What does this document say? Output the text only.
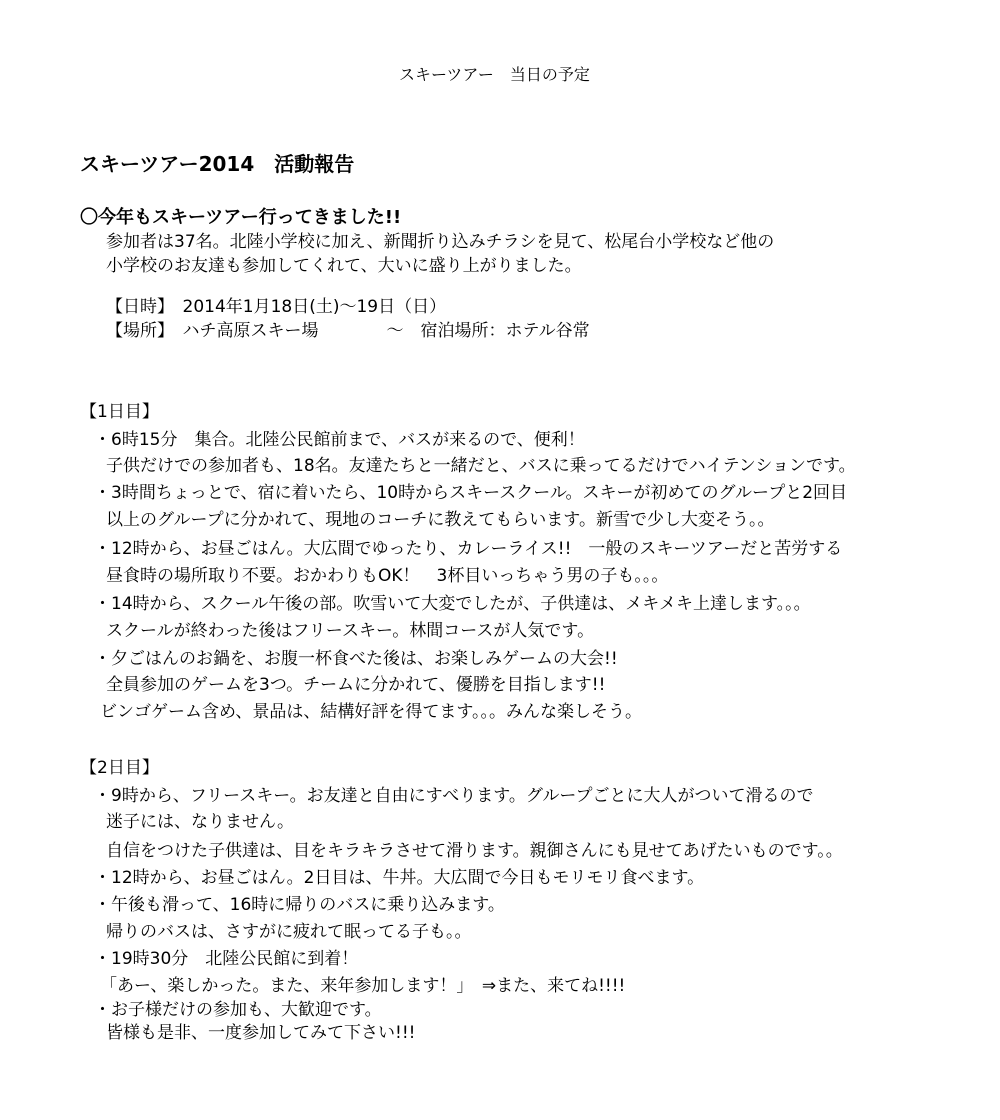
スキーツアー　当日の予定
スキーツアー2014　活動報告
〇今年もスキーツアー行ってきました!!
参加者は37名。北陸小学校に加え、新聞折り込みチラシを見て、松尾台小学校など他の
小学校のお友達も参加してくれて、大いに盛り上がりました。
【日時】　2014年1月18日(土)～19日（日）
【場所】　ハチ高原スキー場　　　　～　宿泊場所：ホテル谷常
【1日目】
・6時15分　集合。北陸公民館前まで、バスが来るので、便利！
子供だけでの参加者も、18名。友達たちと一緒だと、バスに乗ってるだけでハイテンションです。
・3時間ちょっとで、宿に着いたら、10時からスキースクール。スキーが初めてのグループと2回目
以上のグループに分かれて、現地のコーチに教えてもらいます。新雪で少し大変そう。。
・12時から、お昼ごはん。大広間でゆったり、カレーライス!!　一般のスキーツアーだと苦労する
昼食時の場所取り不要。おかわりもOK！　3杯目いっちゃう男の子も。。。
・14時から、スクール午後の部。吹雪いて大変でしたが、子供達は、メキメキ上達します。。。
スクールが終わった後はフリースキー。林間コースが人気です。
・夕ごはんのお鍋を、お腹一杯食べた後は、お楽しみゲームの大会!!
全員参加のゲームを3つ。チームに分かれて、優勝を目指します!!
ビンゴゲーム含め、景品は、結構好評を得てます。。。みんな楽しそう。
【2日目】
・9時から、フリースキー。お友達と自由にすべります。グループごとに大人がついて滑るので
迷子には、なりません。
自信をつけた子供達は、目をキラキラさせて滑ります。親御さんにも見せてあげたいものです。。
・12時から、お昼ごはん。2日目は、牛丼。大広間で今日もモリモリ食べます。
・午後も滑って、16時に帰りのバスに乗り込みます。
帰りのバスは、さすがに疲れて眠ってる子も。。
・19時30分　北陸公民館に到着！
「あー、楽しかった。また、来年参加します！」　⇒また、来てね!!!!
・お子様だけの参加も、大歓迎です。
皆様も是非、一度参加してみて下さい!!!
